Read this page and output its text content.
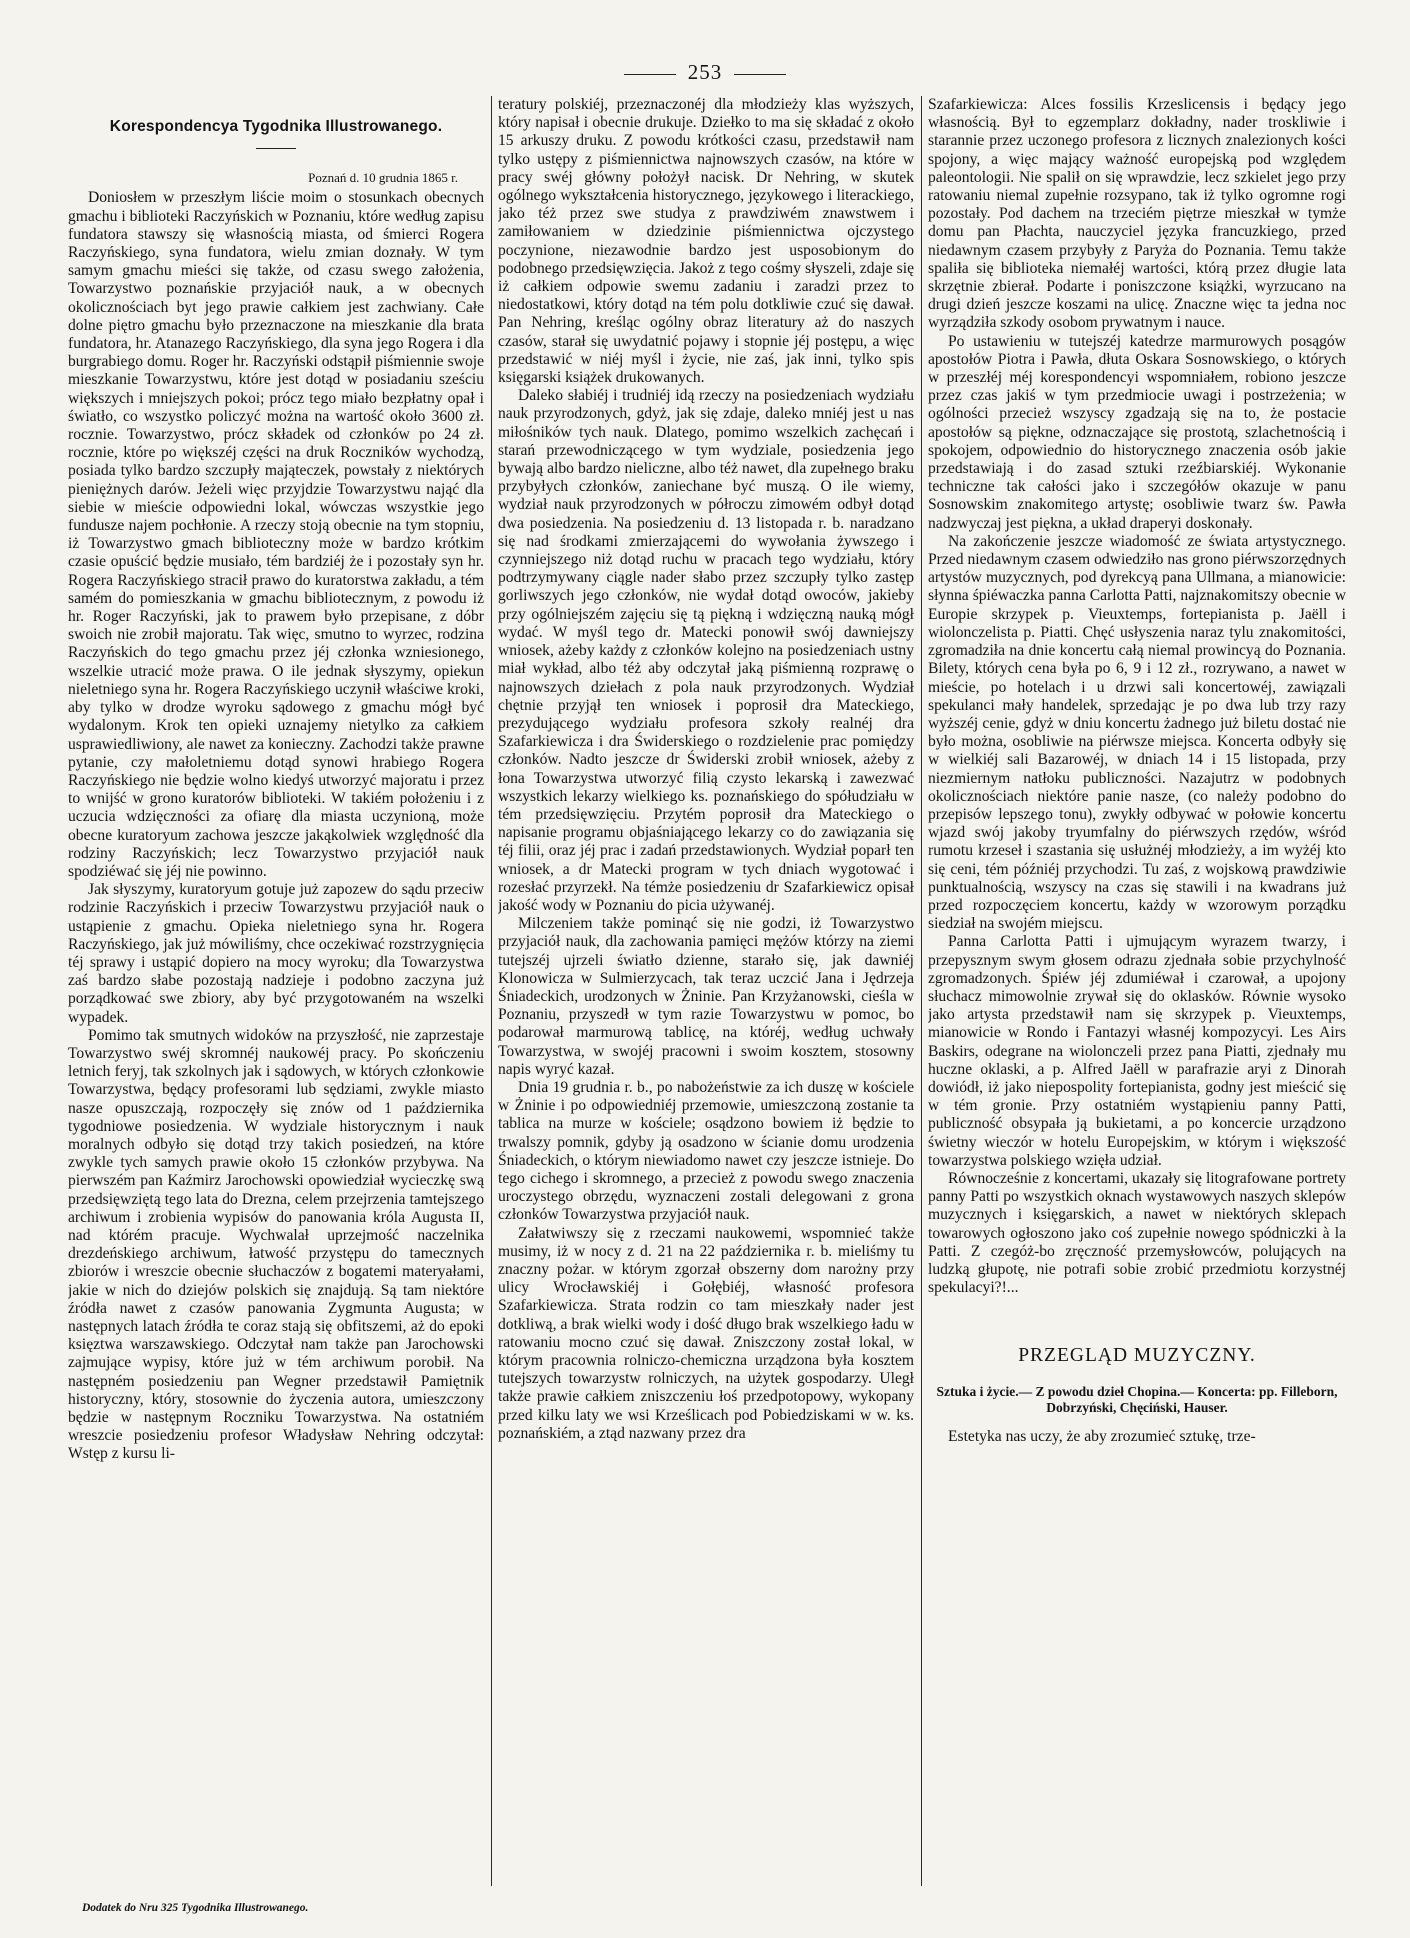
253

Korespondencya Tygodnika Illustrowanego.

Poznań d. 10 grudnia 1865 r.

Doniosłem w przeszłym liście moim o stosunkach obecnych gmachu i biblioteki Raczyńskich w Poznaniu, które według zapisu fundatora stawszy się własnością miasta, od śmierci Rogera Raczyńskiego, syna fundatora, wielu zmian doznały. W tym samym gmachu mieści się także, od czasu swego założenia, Towarzystwo poznańskie przyjaciół nauk, a w obecnych okolicznościach byt jego prawie całkiem jest zachwiany. Całe dolne piętro gmachu było przeznaczone na mieszkanie dla brata fundatora, hr. Atanazego Raczyńskiego, dla syna jego Rogera i dla burgrabiego domu. Roger hr. Raczyński odstąpił piśmiennie swoje mieszkanie Towarzystwu, które jest dotąd w posiadaniu sześciu większych i mniejszych pokoi; prócz tego miało bezpłatny opał i światło, co wszystko policzyć można na wartość około 3600 zł. rocznie. Towarzystwo, prócz składek od członków po 24 zł. rocznie, które po większéj części na druk Roczników wychodzą, posiada tylko bardzo szczupły mająteczek, powstały z niektórych pieniężnych darów. Jeżeli więc przyjdzie Towarzystwu nająć dla siebie w mieście odpowiedni lokal, wówczas wszystkie jego fundusze najem pochłonie. A rzeczy stoją obecnie na tym stopniu, iż Towarzystwo gmach biblioteczny może w bardzo krótkim czasie opuścić będzie musiało, tém bardziéj że i pozostały syn hr. Rogera Raczyńskiego stracił prawo do kuratorstwa zakładu, a tém samém do pomieszkania w gmachu bibliotecznym, z powodu iż hr. Roger Raczyński, jak to prawem było przepisane, z dóbr swoich nie zrobił majoratu. Tak więc, smutno to wyrzec, rodzina Raczyńskich do tego gmachu przez jéj członka wzniesionego, wszelkie utracić może prawa. O ile jednak słyszymy, opiekun nieletniego syna hr. Rogera Raczyńskiego uczynił właściwe kroki, aby tylko w drodze wyroku sądowego z gmachu mógł być wydalonym. Krok ten opieki uznajemy nietylko za całkiem usprawiedliwiony, ale nawet za konieczny. Zachodzi także prawne pytanie, czy małoletniemu dotąd synowi hrabiego Rogera Raczyńskiego nie będzie wolno kiedyś utworzyć majoratu i przez to wnijść w grono kuratorów biblioteki. W takiém położeniu i z uczucia wdzięczności za ofiarę dla miasta uczynioną, może obecne kuratoryum zachowa jeszcze jakąkolwiek względność dla rodziny Raczyńskich; lecz Towarzystwo przyjaciół nauk spodziéwać się jéj nie powinno.

Jak słyszymy, kuratoryum gotuje już zapozew do sądu przeciw rodzinie Raczyńskich i przeciw Towarzystwu przyjaciół nauk o ustąpienie z gmachu. Opieka nieletniego syna hr. Rogera Raczyńskiego, jak już mówiliśmy, chce oczekiwać rozstrzygnięcia téj sprawy i ustąpić dopiero na mocy wyroku; dla Towarzystwa zaś bardzo słabe pozostają nadzieje i podobno zaczyna już porządkować swe zbiory, aby być przygotowaném na wszelki wypadek.

Pomimo tak smutnych widoków na przyszłość, nie zaprzestaje Towarzystwo swéj skromnéj naukowéj pracy. Po skończeniu letnich feryj, tak szkolnych jak i sądowych, w których członkowie Towarzystwa, będący profesorami lub sędziami, zwykle miasto nasze opuszczają, rozpoczęły się znów od 1 października tygodniowe posiedzenia. W wydziale historycznym i nauk moralnych odbyło się dotąd trzy takich posiedzeń, na które zwykle tych samych prawie około 15 członków przybywa. Na pierwszém pan Kaźmirz Jarochowski opowiedział wycieczkę swą przedsięwziętą tego lata do Drezna, celem przejrzenia tamtejszego archiwum i zrobienia wypisów do panowania króla Augusta II, nad którém pracuje. Wychwalał uprzejmość naczelnika drezdeńskiego archiwum, łatwość przystępu do tamecznych zbiorów i wreszcie obecnie słuchaczów z bogatemi materyałami, jakie w nich do dziejów polskich się znajdują. Są tam niektóre źródła nawet z czasów panowania Zygmunta Augusta; w następnych latach źródła te coraz stają się obfitszemi, aż do epoki księztwa warszawskiego. Odczytał nam także pan Jarochowski zajmujące wypisy, które już w tém archiwum porobił. Na następném posiedzeniu pan Wegner przedstawił Pamiętnik historyczny, który, stosownie do życzenia autora, umieszczony będzie w następnym Roczniku Towarzystwa. Na ostatniém wreszcie posiedzeniu profesor Władysław Nehring odczytał: Wstęp z kursu li-

teratury polskiéj, przeznaczonéj dla młodzieży klas wyższych, który napisał i obecnie drukuje. Dziełko to ma się składać z około 15 arkuszy druku. Z powodu krótkości czasu, przedstawił nam tylko ustępy z piśmiennictwa najnowszych czasów, na które w pracy swéj główny położył nacisk. Dr Nehring, w skutek ogólnego wykształcenia historycznego, językowego i literackiego, jako téż przez swe studya z prawdziwém znawstwem i zamiłowaniem w dziedzinie piśmiennictwa ojczystego poczynione, niezawodnie bardzo jest usposobionym do podobnego przedsięwzięcia. Jakoż z tego cośmy słyszeli, zdaje się iż całkiem odpowie swemu zadaniu i zaradzi przez to niedostatkowi, który dotąd na tém polu dotkliwie czuć się dawał. Pan Nehring, kreśląc ogólny obraz literatury aż do naszych czasów, starał się uwydatnić pojawy i stopnie jéj postępu, a więc przedstawić w niéj myśl i życie, nie zaś, jak inni, tylko spis księgarski książek drukowanych.

Daleko słabiéj i trudniéj idą rzeczy na posiedzeniach wydziału nauk przyrodzonych, gdyż, jak się zdaje, daleko mniéj jest u nas miłośników tych nauk. Dlatego, pomimo wszelkich zachęcań i starań przewodniczącego w tym wydziale, posiedzenia jego bywają albo bardzo nieliczne, albo téż nawet, dla zupełnego braku przybyłych członków, zaniechane być muszą. O ile wiemy, wydział nauk przyrodzonych w półroczu zimowém odbył dotąd dwa posiedzenia. Na posiedzeniu d. 13 listopada r. b. naradzano się nad środkami zmierzającemi do wywołania żywszego i czynniejszego niż dotąd ruchu w pracach tego wydziału, który podtrzymywany ciągle nader słabo przez szczupły tylko zastęp gorliwszych jego członków, nie wydał dotąd owoców, jakieby przy ogólniejszém zajęciu się tą piękną i wdzięczną nauką mógł wydać. W myśl tego dr. Matecki ponowił swój dawniejszy wniosek, ażeby każdy z członków kolejno na posiedzeniach ustny miał wykład, albo téż aby odczytał jaką piśmienną rozprawę o najnowszych dziełach z pola nauk przyrodzonych. Wydział chętnie przyjął ten wniosek i poprosił dra Mateckiego, prezydującego wydziału profesora szkoły realnéj dra Szafarkiewicza i dra Świderskiego o rozdzielenie prac pomiędzy członków. Nadto jeszcze dr Świderski zrobił wniosek, ażeby z łona Towarzystwa utworzyć filią czysto lekarską i zawezwać wszystkich lekarzy wielkiego ks. poznańskiego do spółudziału w tém przedsięwzięciu. Przytém poprosił dra Mateckiego o napisanie programu objaśniającego lekarzy co do zawiązania się téj filii, oraz jéj prac i zadań przedstawionych. Wydział poparł ten wniosek, a dr Matecki program w tych dniach wygotować i rozesłać przyrzekł. Na témże posiedzeniu dr Szafarkiewicz opisał jakość wody w Poznaniu do picia używanéj.

Milczeniem także pominąć się nie godzi, iż Towarzystwo przyjaciół nauk, dla zachowania pamięci mężów którzy na ziemi tutejszéj ujrzeli światło dzienne, starało się, jak dawniéj Klonowicza w Sulmierzycach, tak teraz uczcić Jana i Jędrzeja Śniadeckich, urodzonych w Żninie. Pan Krzyżanowski, cieśla w Poznaniu, przyszedł w tym razie Towarzystwu w pomoc, bo podarował marmurową tablicę, na któréj, według uchwały Towarzystwa, w swojéj pracowni i swoim kosztem, stosowny napis wyryć kazał.

Dnia 19 grudnia r. b., po nabożeństwie za ich duszę w kościele w Żninie i po odpowiedniéj przemowie, umieszczoną zostanie ta tablica na murze w kościele; osądzono bowiem iż będzie to trwalszy pomnik, gdyby ją osadzono w ścianie domu urodzenia Śniadeckich, o którym niewiadomo nawet czy jeszcze istnieje. Do tego cichego i skromnego, a przecież z powodu swego znaczenia uroczystego obrzędu, wyznaczeni zostali delegowani z grona członków Towarzystwa przyjaciół nauk.

Załatwiwszy się z rzeczami naukowemi, wspomnieć także musimy, iż w nocy z d. 21 na 22 października r. b. mieliśmy tu znaczny pożar. w którym zgorzał obszerny dom narożny przy ulicy Wrocławskiéj i Gołębiéj, własność profesora Szafarkiewicza. Strata rodzin co tam mieszkały nader jest dotkliwą, a brak wielki wody i dość długo brak wszelkiego ładu w ratowaniu mocno czuć się dawał. Zniszczony został lokal, w którym pracownia rolniczo-chemiczna urządzona była kosztem tutejszych towarzystw rolniczych, na użytek gospodarzy. Uległ także prawie całkiem zniszczeniu łoś przedpotopowy, wykopany przed kilku laty we wsi Krześlicach pod Pobiedziskami w w. ks. poznańskiém, a ztąd nazwany przez dra

Szafarkiewicza: Alces fossilis Krzeslicensis i będący jego własnością. Był to egzemplarz dokładny, nader troskliwie i starannie przez uczonego profesora z licznych znalezionych kości spojony, a więc mający ważność europejską pod względem paleontologii. Nie spalił on się wprawdzie, lecz szkielet jego przy ratowaniu niemal zupełnie rozsypano, tak iż tylko ogromne rogi pozostały. Pod dachem na trzeciém piętrze mieszkał w tymże domu pan Płachta, nauczyciel języka francuzkiego, przed niedawnym czasem przybyły z Paryża do Poznania. Temu także spaliła się biblioteka niemałéj wartości, którą przez długie lata skrzętnie zbierał. Podarte i poniszczone książki, wyrzucano na drugi dzień jeszcze koszami na ulicę. Znaczne więc ta jedna noc wyrządziła szkody osobom prywatnym i nauce.

Po ustawieniu w tutejszéj katedrze marmurowych posągów apostołów Piotra i Pawła, dłuta Oskara Sosnowskiego, o których w przeszłéj méj korespondencyi wspomniałem, robiono jeszcze przez czas jakiś w tym przedmiocie uwagi i postrzeżenia; w ogólności przecież wszyscy zgadzają się na to, że postacie apostołów są piękne, odznaczające się prostotą, szlachetnością i spokojem, odpowiednio do historycznego znaczenia osób jakie przedstawiają i do zasad sztuki rzeźbiarskiéj. Wykonanie techniczne tak całości jako i szczegółów okazuje w panu Sosnowskim znakomitego artystę; osobliwie twarz św. Pawła nadzwyczaj jest piękna, a układ draperyi doskonały.

Na zakończenie jeszcze wiadomość ze świata artystycznego. Przed niedawnym czasem odwiedziło nas grono piérwszorzędnych artystów muzycznych, pod dyrekcyą pana Ullmana, a mianowicie: słynna śpiéwaczka panna Carlotta Patti, najznakomitszy obecnie w Europie skrzypek p. Vieuxtemps, fortepianista p. Jaëll i wiolonczelista p. Piatti. Chęć usłyszenia naraz tylu znakomitości, zgromadziła na dnie koncertu całą niemal prowincyą do Poznania. Bilety, których cena była po 6, 9 i 12 zł., rozrywano, a nawet w mieście, po hotelach i u drzwi sali koncertowéj, zawiązali spekulanci mały handelek, sprzedając je po dwa lub trzy razy wyższéj cenie, gdyż w dniu koncertu żadnego już biletu dostać nie było można, osobliwie na piérwsze miejsca. Koncerta odbyły się w wielkiéj sali Bazarowéj, w dniach 14 i 15 listopada, przy niezmiernym natłoku publiczności. Nazajutrz w podobnych okolicznościach niektóre panie nasze, (co należy podobno do przepisów lepszego tonu), zwykły odbywać w połowie koncertu wjazd swój jakoby tryumfalny do piérwszych rzędów, wśród rumotu krzeseł i szastania się usłużnéj młodzieży, a im wyżéj kto się ceni, tém późniéj przychodzi. Tu zaś, z wojskową prawdziwie punktualnością, wszyscy na czas się stawili i na kwadrans już przed rozpoczęciem koncertu, każdy w wzorowym porządku siedział na swojém miejscu.

Panna Carlotta Patti i ujmującym wyrazem twarzy, i przepysznym swym głosem odrazu zjednała sobie przychylność zgromadzonych. Śpiéw jéj zdumiéwał i czarował, a upojony słuchacz mimowolnie zrywał się do oklasków. Równie wysoko jako artysta przedstawił nam się skrzypek p. Vieuxtemps, mianowicie w Rondo i Fantazyi własnéj kompozycyi. Les Airs Baskirs, odegrane na wiolonczeli przez pana Piatti, zjednały mu huczne oklaski, a p. Alfred Jaëll w parafrazie aryi z Dinorah dowiódł, iż jako niepospolity fortepianista, godny jest mieścić się w tém gronie. Przy ostatniém wystąpieniu panny Patti, publiczność obsypała ją bukietami, a po koncercie urządzono świetny wieczór w hotelu Europejskim, w którym i większość towarzystwa polskiego wzięła udział.

Równocześnie z koncertami, ukazały się litografowane portrety panny Patti po wszystkich oknach wystawowych naszych sklepów muzycznych i księgarskich, a nawet w niektórych sklepach towarowych ogłoszono jako coś zupełnie nowego spódniczki à la Patti. Z czegóż-bo zręczność przemysłowców, polujących na ludzką głupotę, nie potrafi sobie zrobić przedmiotu korzystnéj spekulacyi?!...

PRZEGLĄD MUZYCZNY.

Sztuka i życie.— Z powodu dzieł Chopina.— Koncerta: pp. Filleborn, Dobrzyński, Chęciński, Hauser.

Estetyka nas uczy, że aby zrozumieć sztukę, trze-

Dodatek do Nru 325 Tygodnika Illustrowanego.
